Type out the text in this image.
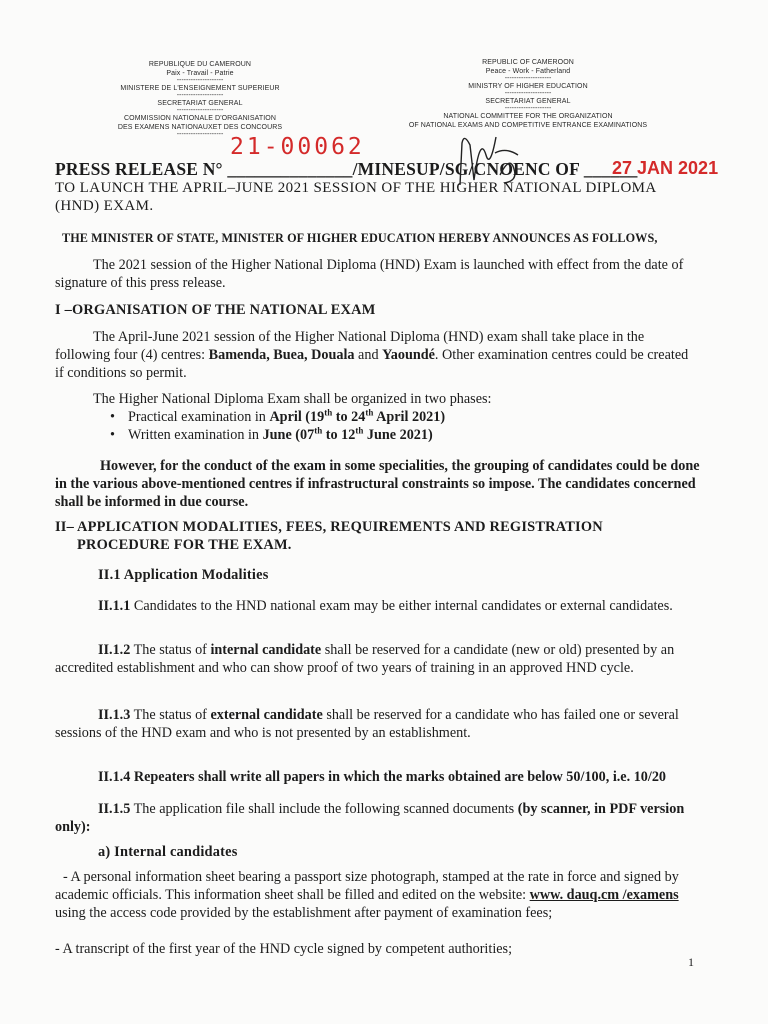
REPUBLIQUE DU CAMEROUN
Paix - Travail - Patrie
--------------------
MINISTERE DE L'ENSEIGNEMENT SUPERIEUR
--------------------
SECRETARIAT GENERAL
--------------------
COMMISSION NATIONALE D'ORGANISATION
DES EXAMENS NATIONAUXET DES CONCOURS
--------------------
REPUBLIC OF CAMEROON
Peace - Work - Fatherland
--------------------
MINISTRY OF HIGHER EDUCATION
--------------------
SECRETARIAT GENERAL
--------------------
NATIONAL COMMITTEE FOR THE ORGANIZATION
OF NATIONAL EXAMS AND COMPETITIVE ENTRANCE EXAMINATIONS
21-00062
PRESS RELEASE N° ______________/MINESUP/SG/CNOENC OF ______
27 JAN 2021
TO LAUNCH THE APRIL–JUNE 2021 SESSION OF THE HIGHER NATIONAL DIPLOMA
(HND) EXAM.
THE MINISTER OF STATE, MINISTER OF HIGHER EDUCATION HEREBY ANNOUNCES AS FOLLOWS,

The 2021 session of the Higher National Diploma (HND) Exam is launched with effect from the date of signature of this press release.

I –ORGANISATION OF THE NATIONAL EXAM

The April-June 2021 session of the Higher National Diploma (HND) exam shall take place in the following four (4) centres: Bamenda, Buea, Douala and Yaoundé. Other examination centres could be created if conditions so permit.

The Higher National Diploma Exam shall be organized in two phases:

• Practical examination in April (19th to 24th April 2021)
• Written examination in June (07th to 12th June 2021)

However, for the conduct of the exam in some specialities, the grouping of candidates could be done in the various above-mentioned centres if infrastructural constraints so impose. The candidates concerned shall be informed in due course.

II– APPLICATION MODALITIES, FEES, REQUIREMENTS AND REGISTRATION
PROCEDURE FOR THE EXAM.
II.1 Application Modalities

II.1.1 Candidates to the HND national exam may be either internal candidates or external candidates.

II.1.2 The status of internal candidate shall be reserved for a candidate (new or old) presented by an accredited establishment and who can show proof of two years of training in an approved HND cycle.

II.1.3 The status of external candidate shall be reserved for a candidate who has failed one or several sessions of the HND exam and who is not presented by an establishment.

II.1.4 Repeaters shall write all papers in which the marks obtained are below 50/100, i.e. 10/20

II.1.5 The application file shall include the following scanned documents (by scanner, in PDF version only):

a) Internal candidates

- A personal information sheet bearing a passport size photograph, stamped at the rate in force and signed by academic officials. This information sheet shall be filled and edited on the website: www. dauq.cm /examens using the access code provided by the establishment after payment of examination fees;

- A transcript of the first year of the HND cycle signed by competent authorities;

1
